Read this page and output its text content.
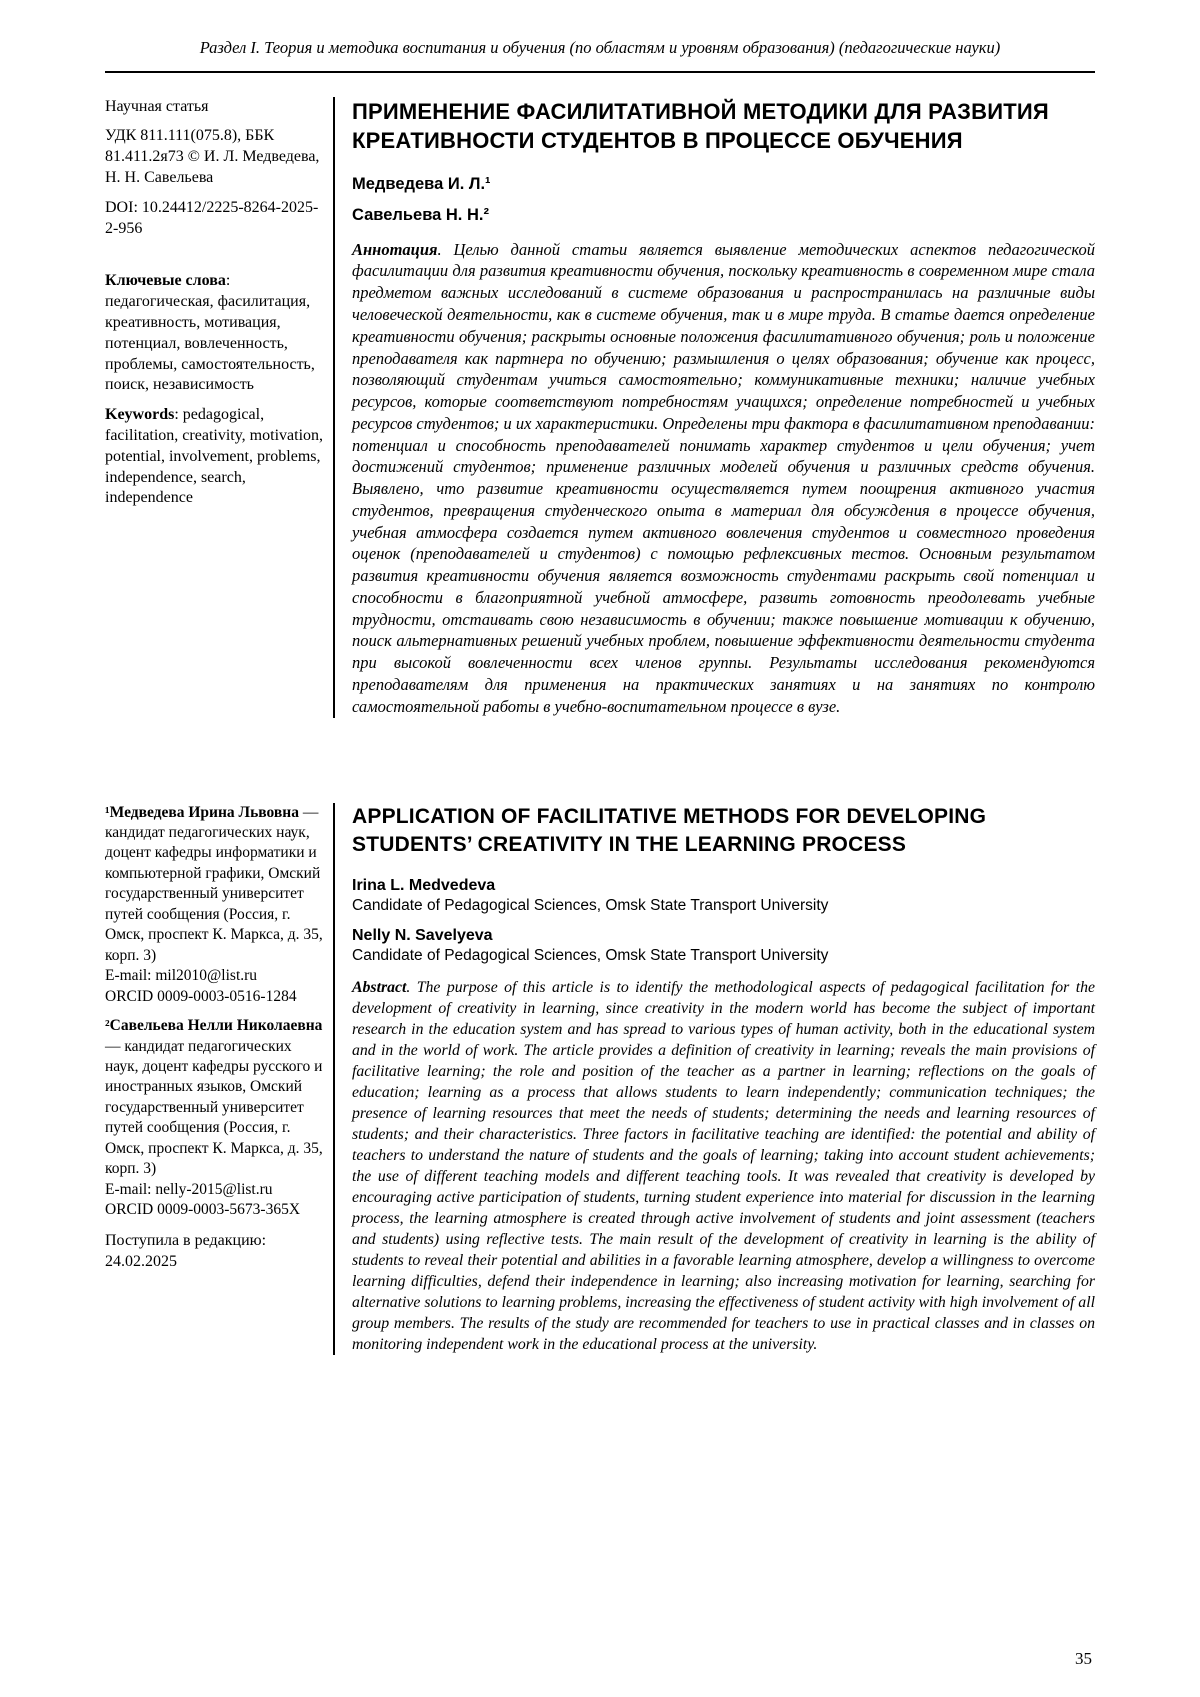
Раздел I. Теория и методика воспитания и обучения (по областям и уровням образования) (педагогические науки)

Научная статья

УДК 811.111(075.8), ББК 81.411.2я73 © И. Л. Медведева, Н. Н. Савельева

DOI: 10.24412/2225-8264-2025-2-956

Ключевые слова: педагогическая, фасилитация, креативность, мотивация, потенциал, вовлеченность, проблемы, самостоятельность, поиск, независимость

Keywords: pedagogical, facilitation, creativity, motivation, potential, involvement, problems, independence, search, independence

ПРИМЕНЕНИЕ ФАСИЛИТАТИВНОЙ МЕТОДИКИ ДЛЯ РАЗВИТИЯ КРЕАТИВНОСТИ СТУДЕНТОВ В ПРОЦЕССЕ ОБУЧЕНИЯ

Медведева И. Л.¹

Савельева Н. Н.²

Аннотация. Целью данной статьи является выявление методических аспектов педагогической фасилитации для развития креативности обучения, поскольку креативность в современном мире стала предметом важных исследований в системе образования и распространилась на различные виды человеческой деятельности, как в системе обучения, так и в мире труда. В статье дается определение креативности обучения; раскрыты основные положения фасилитативного обучения; роль и положение преподавателя как партнера по обучению; размышления о целях образования; обучение как процесс, позволяющий студентам учиться самостоятельно; коммуникативные техники; наличие учебных ресурсов, которые соответствуют потребностям учащихся; определение потребностей и учебных ресурсов студентов; и их характеристики. Определены три фактора в фасилитативном преподавании: потенциал и способность преподавателей понимать характер студентов и цели обучения; учет достижений студентов; применение различных моделей обучения и различных средств обучения. Выявлено, что развитие креативности осуществляется путем поощрения активного участия студентов, превращения студенческого опыта в материал для обсуждения в процессе обучения, учебная атмосфера создается путем активного вовлечения студентов и совместного проведения оценок (преподавателей и студентов) с помощью рефлексивных тестов. Основным результатом развития креативности обучения является возможность студентами раскрыть свой потенциал и способности в благоприятной учебной атмосфере, развить готовность преодолевать учебные трудности, отстаивать свою независимость в обучении; также повышение мотивации к обучению, поиск альтернативных решений учебных проблем, повышение эффективности деятельности студента при высокой вовлеченности всех членов группы. Результаты исследования рекомендуются преподавателям для применения на практических занятиях и на занятиях по контролю самостоятельной работы в учебно-воспитательном процессе в вузе.

¹Медведева Ирина Львовна — кандидат педагогических наук, доцент кафедры информатики и компьютерной графики, Омский государственный университет путей сообщения (Россия, г. Омск, проспект К. Маркса, д. 35, корп. 3)
E-mail: mil2010@list.ru
ORCID 0009-0003-0516-1284

²Савельева Нелли Николаевна — кандидат педагогических наук, доцент кафедры русского и иностранных языков, Омский государственный университет путей сообщения (Россия, г. Омск, проспект К. Маркса, д. 35, корп. 3)
E-mail: nelly-2015@list.ru
ORCID 0009-0003-5673-365X

Поступила в редакцию:
24.02.2025

APPLICATION OF FACILITATIVE METHODS FOR DEVELOPING STUDENTS’ CREATIVITY IN THE LEARNING PROCESS

Irina L. Medvedeva

Candidate of Pedagogical Sciences, Omsk State Transport University

Nelly N. Savelyeva

Candidate of Pedagogical Sciences, Omsk State Transport University

Abstract. The purpose of this article is to identify the methodological aspects of pedagogical facilitation for the development of creativity in learning, since creativity in the modern world has become the subject of important research in the education system and has spread to various types of human activity, both in the educational system and in the world of work. The article provides a definition of creativity in learning; reveals the main provisions of facilitative learning; the role and position of the teacher as a partner in learning; reflections on the goals of education; learning as a process that allows students to learn independently; communication techniques; the presence of learning resources that meet the needs of students; determining the needs and learning resources of students; and their characteristics. Three factors in facilitative teaching are identified: the potential and ability of teachers to understand the nature of students and the goals of learning; taking into account student achievements; the use of different teaching models and different teaching tools. It was revealed that creativity is developed by encouraging active participation of students, turning student experience into material for discussion in the learning process, the learning atmosphere is created through active involvement of students and joint assessment (teachers and students) using reflective tests. The main result of the development of creativity in learning is the ability of students to reveal their potential and abilities in a favorable learning atmosphere, develop a willingness to overcome learning difficulties, defend their independence in learning; also increasing motivation for learning, searching for alternative solutions to learning problems, increasing the effectiveness of student activity with high involvement of all group members. The results of the study are recommended for teachers to use in practical classes and in classes on monitoring independent work in the educational process at the university.

35
